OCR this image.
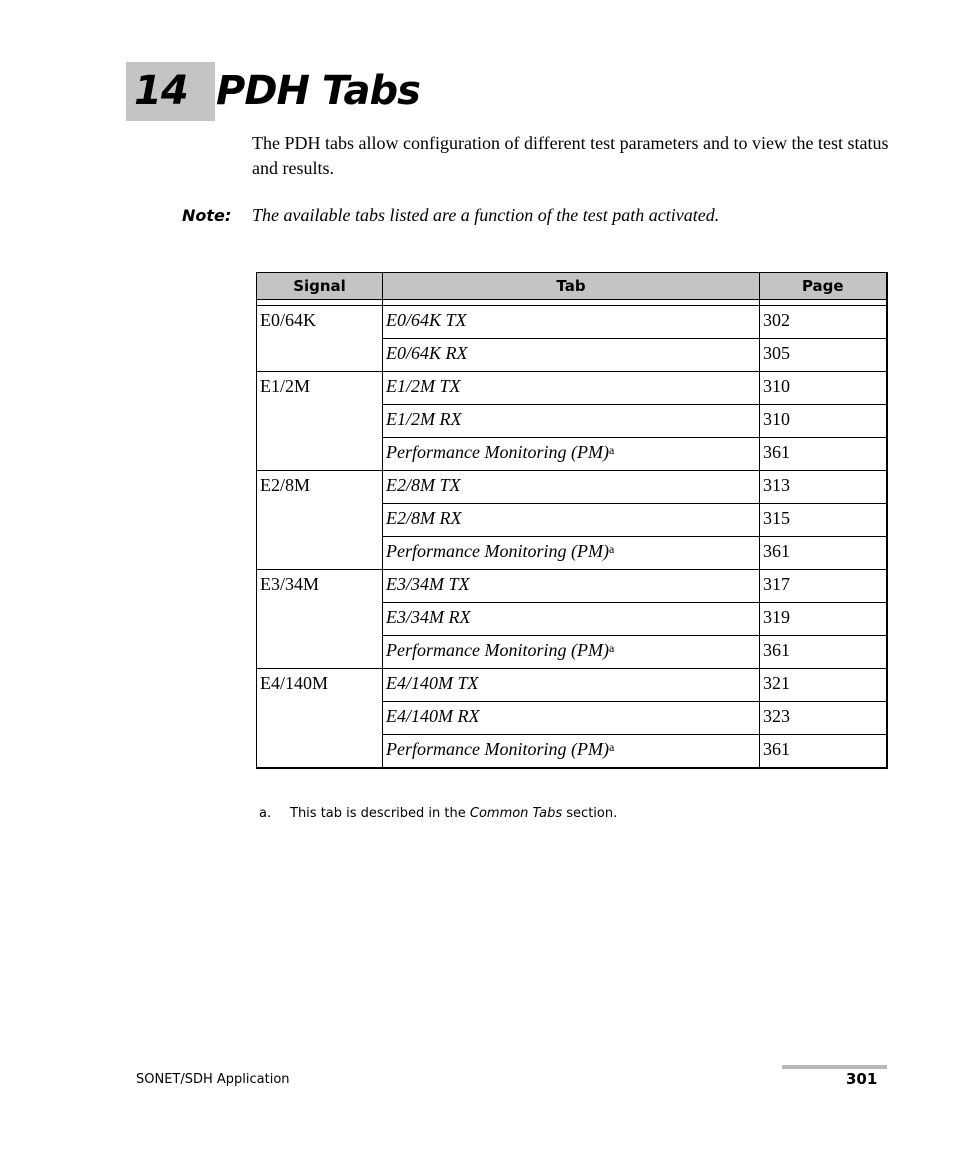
14 PDH Tabs
The PDH tabs allow configuration of different test parameters and to view the test status and results.
Note: The available tabs listed are a function of the test path activated.
Signal	Tab	Page

E0/64K	E0/64K TX	302
	E0/64K RX	305
E1/2M	E1/2M TX	310
	E1/2M RX	310
	Performance Monitoring (PM)$^a$	361
E2/8M	E2/8M TX	313
	E2/8M RX	315
	Performance Monitoring (PM)$^a$	361
E3/34M	E3/34M TX	317
	E3/34M RX	319
	Performance Monitoring (PM)$^a$	361
E4/140M	E4/140M TX	321
	E4/140M RX	323
	Performance Monitoring (PM)$^a$	361
a. This tab is described in the Common Tabs section.
SONET/SDH Application	301
